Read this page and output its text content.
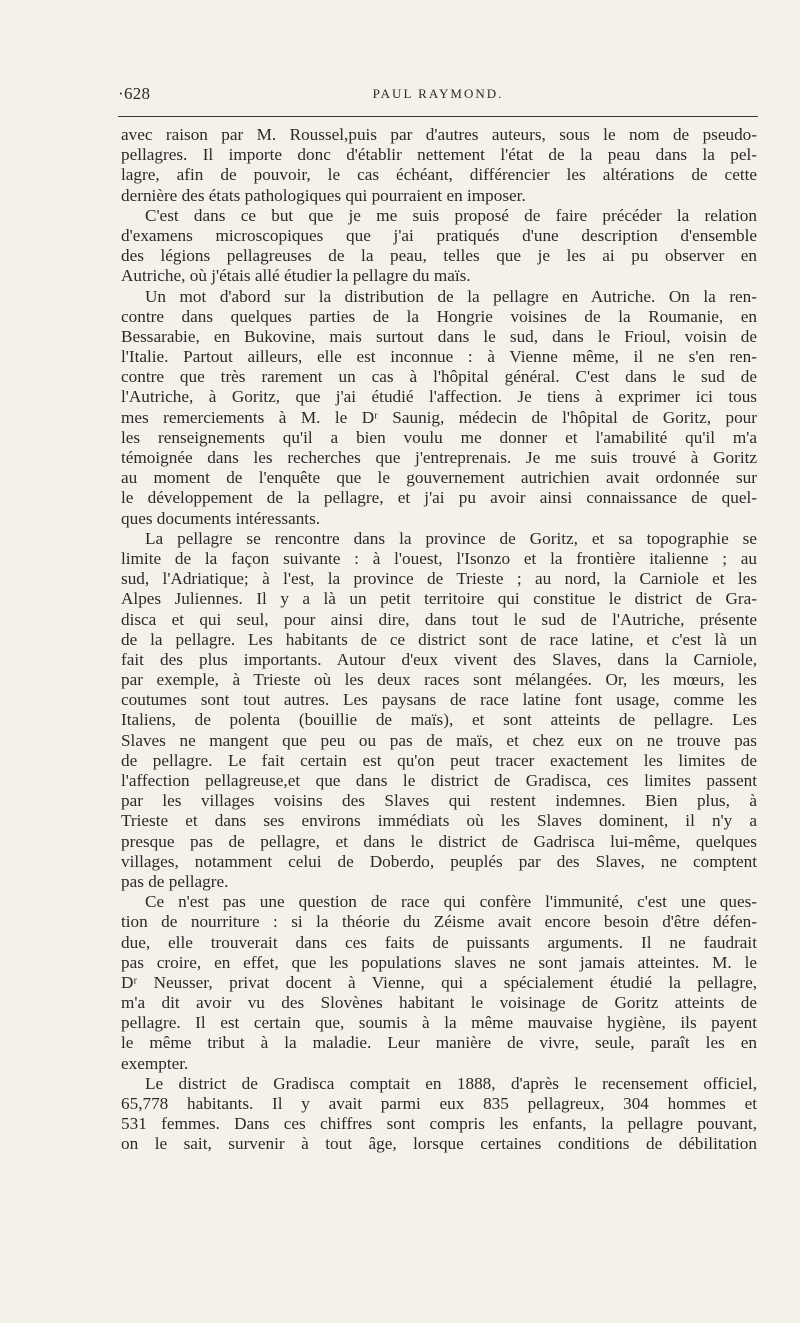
·628	PAUL RAYMOND.
avec raison par M. Roussel,puis par d'autres auteurs, sous le nom de pseudo-
pellagres. Il importe donc d'établir nettement l'état de la peau dans la pel-
lagre, afin de pouvoir, le cas échéant, différencier les altérations de cette
dernière des états pathologiques qui pourraient en imposer.
C'est dans ce but que je me suis proposé de faire précéder la relation
d'examens microscopiques que j'ai pratiqués d'une description d'ensemble
des légions pellagreuses de la peau, telles que je les ai pu observer en
Autriche, où j'étais allé étudier la pellagre du maïs.
Un mot d'abord sur la distribution de la pellagre en Autriche. On la ren-
contre dans quelques parties de la Hongrie voisines de la Roumanie, en
Bessarabie, en Bukovine, mais surtout dans le sud, dans le Frioul, voisin de
l'Italie. Partout ailleurs, elle est inconnue : à Vienne même, il ne s'en ren-
contre que très rarement un cas à l'hôpital général. C'est dans le sud de
l'Autriche, à Goritz, que j'ai étudié l'affection. Je tiens à exprimer ici tous
mes remerciements à M. le Dʳ Saunig, médecin de l'hôpital de Goritz, pour
les renseignements qu'il a bien voulu me donner et l'amabilité qu'il m'a
témoignée dans les recherches que j'entreprenais. Je me suis trouvé à Goritz
au moment de l'enquête que le gouvernement autrichien avait ordonnée sur
le développement de la pellagre, et j'ai pu avoir ainsi connaissance de quel-
ques documents intéressants.
La pellagre se rencontre dans la province de Goritz, et sa topographie se
limite de la façon suivante : à l'ouest, l'Isonzo et la frontière italienne ; au
sud, l'Adriatique; à l'est, la province de Trieste ; au nord, la Carniole et les
Alpes Juliennes. Il y a là un petit territoire qui constitue le district de Gra-
disca et qui seul, pour ainsi dire, dans tout le sud de l'Autriche, présente
de la pellagre. Les habitants de ce district sont de race latine, et c'est là un
fait des plus importants. Autour d'eux vivent des Slaves, dans la Carniole,
par exemple, à Trieste où les deux races sont mélangées. Or, les mœurs, les
coutumes sont tout autres. Les paysans de race latine font usage, comme les
Italiens, de polenta (bouillie de maïs), et sont atteints de pellagre. Les
Slaves ne mangent que peu ou pas de maïs, et chez eux on ne trouve pas
de pellagre. Le fait certain est qu'on peut tracer exactement les limites de
l'affection pellagreuse,et que dans le district de Gradisca, ces limites passent
par les villages voisins des Slaves qui restent indemnes. Bien plus, à
Trieste et dans ses environs immédiats où les Slaves dominent, il n'y a
presque pas de pellagre, et dans le district de Gadrisca lui-même, quelques
villages, notamment celui de Doberdo, peuplés par des Slaves, ne comptent
pas de pellagre.
Ce n'est pas une question de race qui confère l'immunité, c'est une ques-
tion de nourriture : si la théorie du Zéisme avait encore besoin d'être défen-
due, elle trouverait dans ces faits de puissants arguments. Il ne faudrait
pas croire, en effet, que les populations slaves ne sont jamais atteintes. M. le
Dʳ Neusser, privat docent à Vienne, qui a spécialement étudié la pellagre,
m'a dit avoir vu des Slovènes habitant le voisinage de Goritz atteints de
pellagre. Il est certain que, soumis à la même mauvaise hygiène, ils payent
le même tribut à la maladie. Leur manière de vivre, seule, paraît les en
exempter.
Le district de Gradisca comptait en 1888, d'après le recensement officiel,
65,778 habitants. Il y avait parmi eux 835 pellagreux, 304 hommes et
531 femmes. Dans ces chiffres sont compris les enfants, la pellagre pouvant,
on le sait, survenir à tout âge, lorsque certaines conditions de débilitation
